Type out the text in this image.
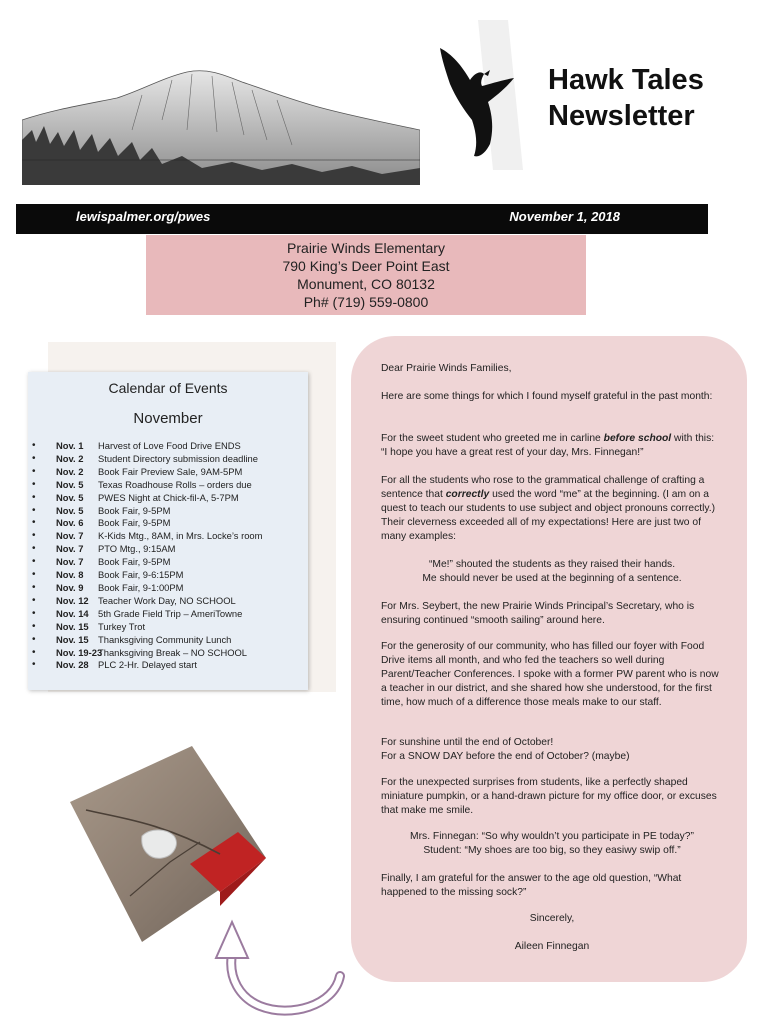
Hawk Tales
Newsletter
lewispalmer.org/pwes	November 1, 2018
Prairie Winds Elementary
790 King’s Deer Point East
Monument, CO 80132
Ph# (719) 559-0800
Calendar of Events
November
• Nov. 1 Harvest of Love Food Drive ENDS
• Nov. 2 Student Directory submission deadline
• Nov. 2 Book Fair Preview Sale, 9AM-5PM
• Nov. 5 Texas Roadhouse Rolls – orders due
• Nov. 5 PWES Night at Chick-fil-A, 5-7PM
• Nov. 5 Book Fair, 9-5PM
• Nov. 6 Book Fair, 9-5PM
• Nov. 7 K-Kids Mtg., 8AM, in Mrs. Locke’s room
• Nov. 7 PTO Mtg., 9:15AM
• Nov. 7 Book Fair, 9-5PM
• Nov. 8 Book Fair, 9-6:15PM
• Nov. 9 Book Fair, 9-1:00PM
• Nov. 12 Teacher Work Day, NO SCHOOL
• Nov. 14 5th Grade Field Trip – AmeriTowne
• Nov. 15 Turkey Trot
• Nov. 15 Thanksgiving Community Lunch
• Nov. 19-23Thanksgiving Break – NO SCHOOL
• Nov. 28 PLC 2-Hr. Delayed start

Dear Prairie Winds Families,

Here are some things for which I found myself grateful in the past month:

For the sweet student who greeted me in carline before school with this: “I hope you have a great rest of your day, Mrs. Finnegan!”

For all the students who rose to the grammatical challenge of crafting a sentence that correctly used the word “me” at the beginning. (I am on a quest to teach our students to use subject and object pronouns correctly.) Their cleverness exceeded all of my expectations! Here are just two of many examples:

“Me!” shouted the students as they raised their hands.

Me should never be used at the beginning of a sentence.

For Mrs. Seybert, the new Prairie Winds Principal’s Secretary, who is ensuring continued “smooth sailing” around here.

For the generosity of our community, who has filled our foyer with Food Drive items all month, and who fed the teachers so well during Parent/Teacher Conferences. I spoke with a former PW parent who is now a teacher in our district, and she shared how she understood, for the first time, how much of a difference those meals make to our staff.

For sunshine until the end of October!

For a SNOW DAY before the end of October? (maybe)

For the unexpected surprises from students, like a perfectly shaped miniature pumpkin, or a hand-drawn picture for my office door, or excuses that make me smile.

Mrs. Finnegan: “So why wouldn’t you participate in PE today?”

Student: “My shoes are too big, so they easiwy swip off.”

Finally, I am grateful for the answer to the age old question, “What happened to the missing sock?”

Sincerely,

Aileen Finnegan
